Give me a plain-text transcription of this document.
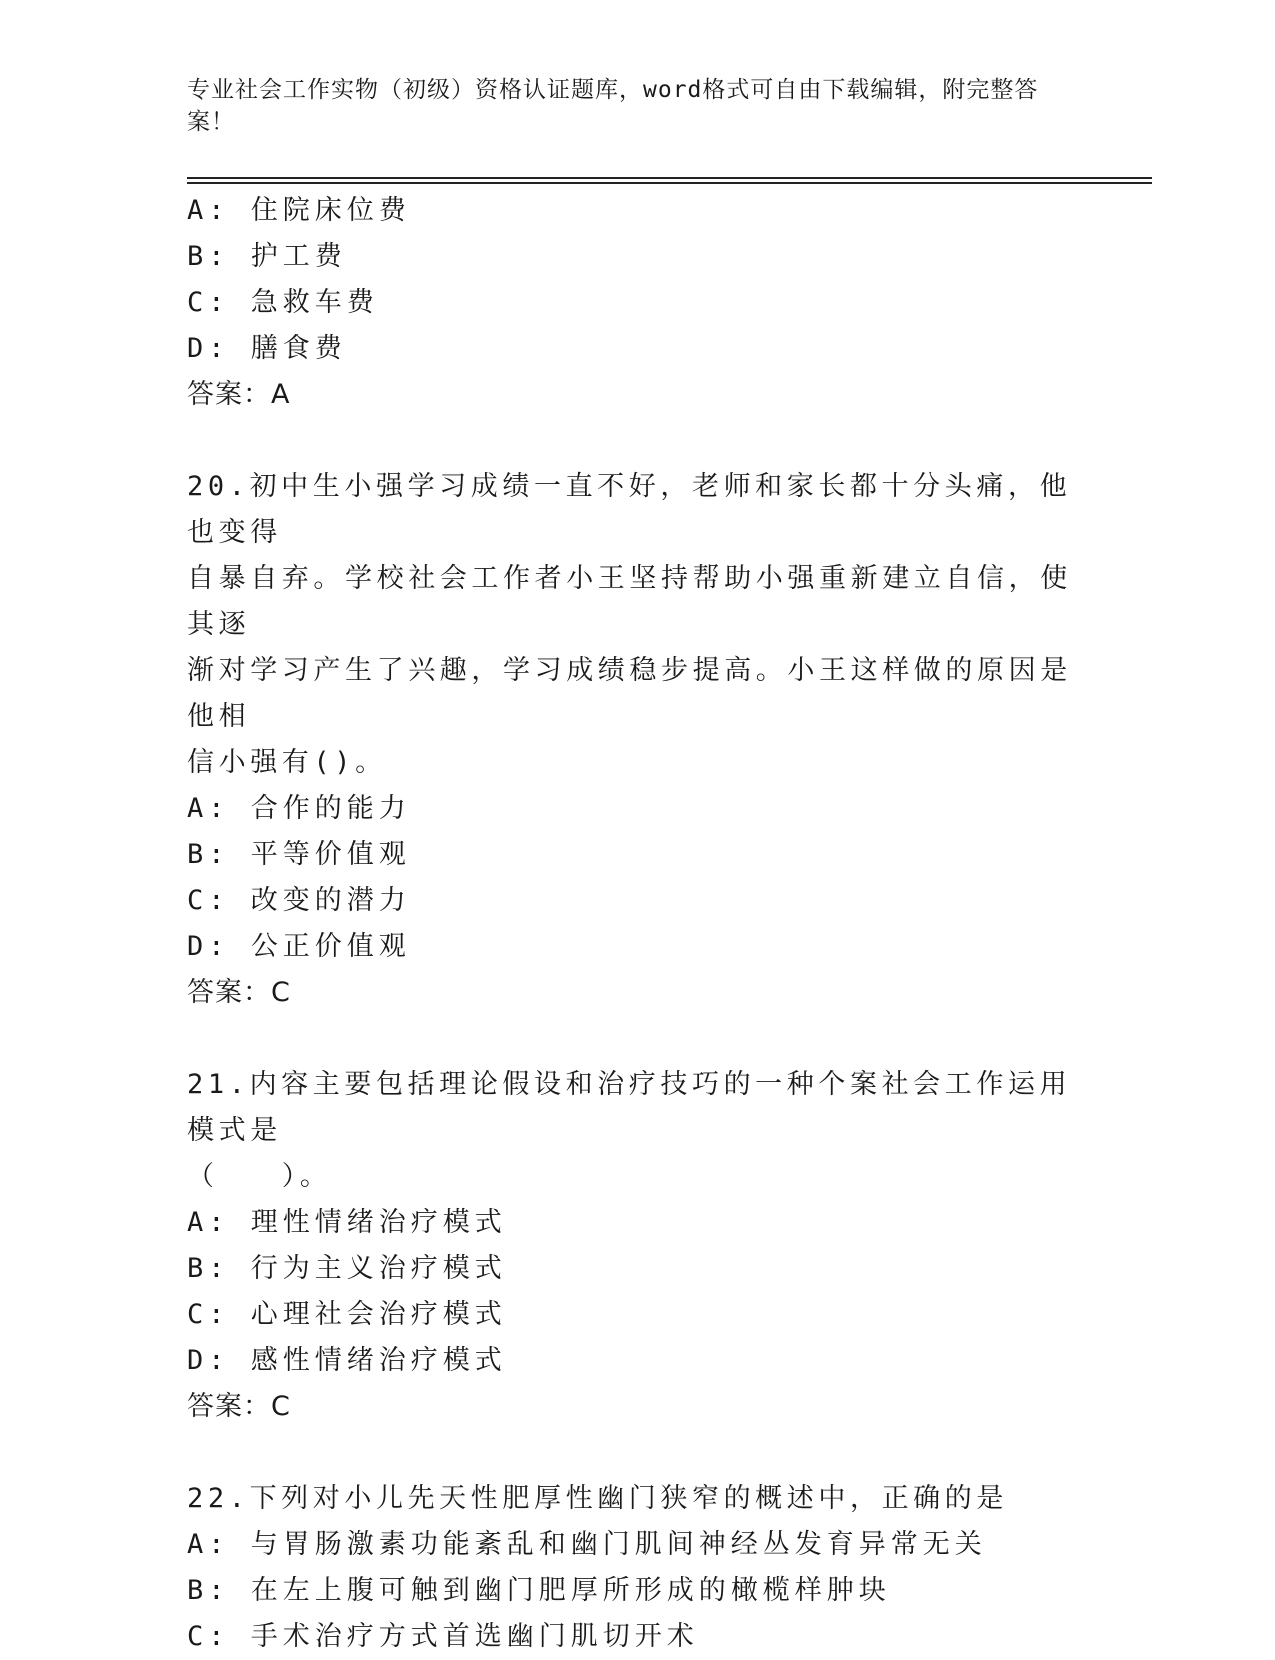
专业社会工作实物（初级）资格认证题库，word格式可自由下载编辑，附完整答案！
A: 住院床位费
B: 护工费
C: 急救车费
D: 膳食费
答案：A
20.初中生小强学习成绩一直不好，老师和家长都十分头痛，他也变得
自暴自弃。学校社会工作者小王坚持帮助小强重新建立自信，使其逐
渐对学习产生了兴趣，学习成绩稳步提高。小王这样做的原因是他相
信小强有()。
A: 合作的能力
B: 平等价值观
C: 改变的潜力
D: 公正价值观
答案：C
21.内容主要包括理论假设和治疗技巧的一种个案社会工作运用模式是
（　　）。
A: 理性情绪治疗模式
B: 行为主义治疗模式
C: 心理社会治疗模式
D: 感性情绪治疗模式
答案：C
22.下列对小儿先天性肥厚性幽门狭窄的概述中，正确的是
A: 与胃肠激素功能紊乱和幽门肌间神经丛发育异常无关
B: 在左上腹可触到幽门肥厚所形成的橄榄样肿块
C: 手术治疗方式首选幽门肌切开术
